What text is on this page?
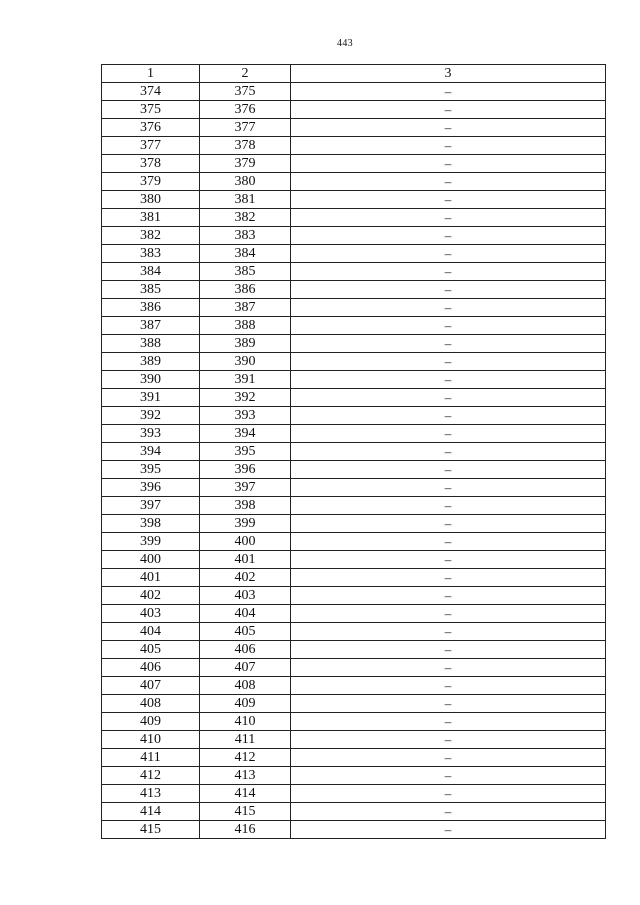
443
1	2	3
374	375	–
375	376	–
376	377	–
377	378	–
378	379	–
379	380	–
380	381	–
381	382	–
382	383	–
383	384	–
384	385	–
385	386	–
386	387	–
387	388	–
388	389	–
389	390	–
390	391	–
391	392	–
392	393	–
393	394	–
394	395	–
395	396	–
396	397	–
397	398	–
398	399	–
399	400	–
400	401	–
401	402	–
402	403	–
403	404	–
404	405	–
405	406	–
406	407	–
407	408	–
408	409	–
409	410	–
410	411	–
411	412	–
412	413	–
413	414	–
414	415	–
415	416	–
